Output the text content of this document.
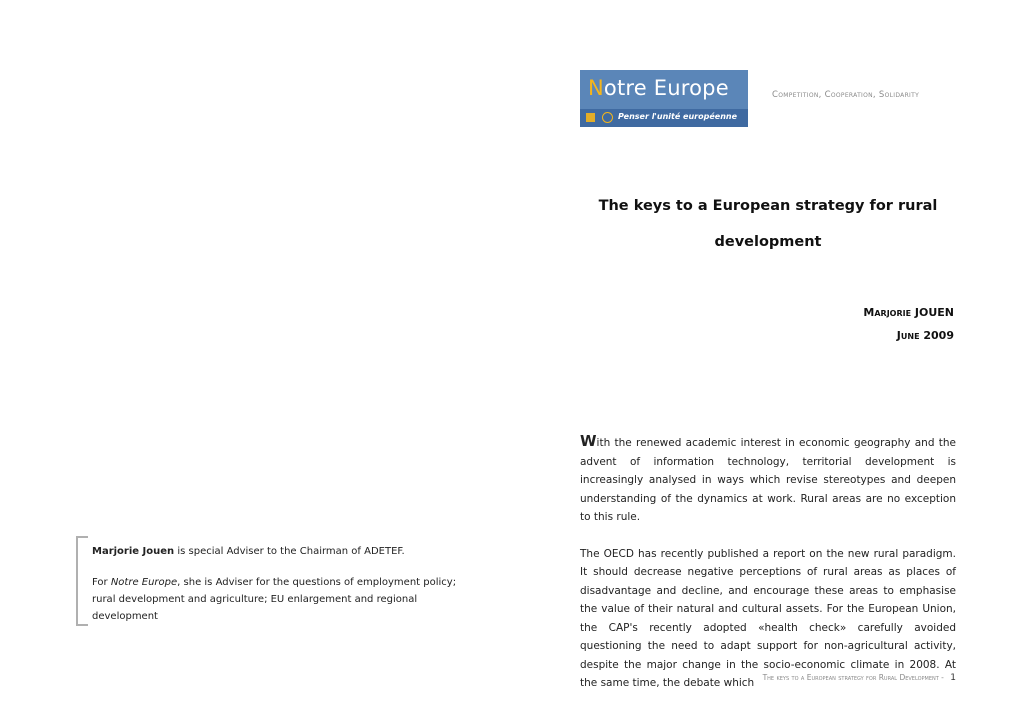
Notre Europe
Penser l'unité européenne
Competition, Cooperation, Solidarity
The keys to a European strategy for rural development
Marjorie JOUEN
June 2009

With the renewed academic interest in economic geography and the advent of information technology, territorial development is increasingly analysed in ways which revise stereotypes and deepen understanding of the dynamics at work. Rural areas are no exception to this rule.

The OECD has recently published a report on the new rural paradigm. It should decrease negative perceptions of rural areas as places of disadvantage and decline, and encourage these areas to emphasise the value of their natural and cultural assets. For the European Union, the CAP's recently adopted «health check» carefully avoided questioning the need to adapt support for non-agricultural activity, despite the major change in the socio-economic climate in 2008. At the same time, the debate which

Marjorie Jouen is special Adviser to the Chairman of ADETEF.

For Notre Europe, she is Adviser for the questions of employment policy; rural development and agriculture; EU enlargement and regional development

The keys to a European strategy for Rural Development - 1
